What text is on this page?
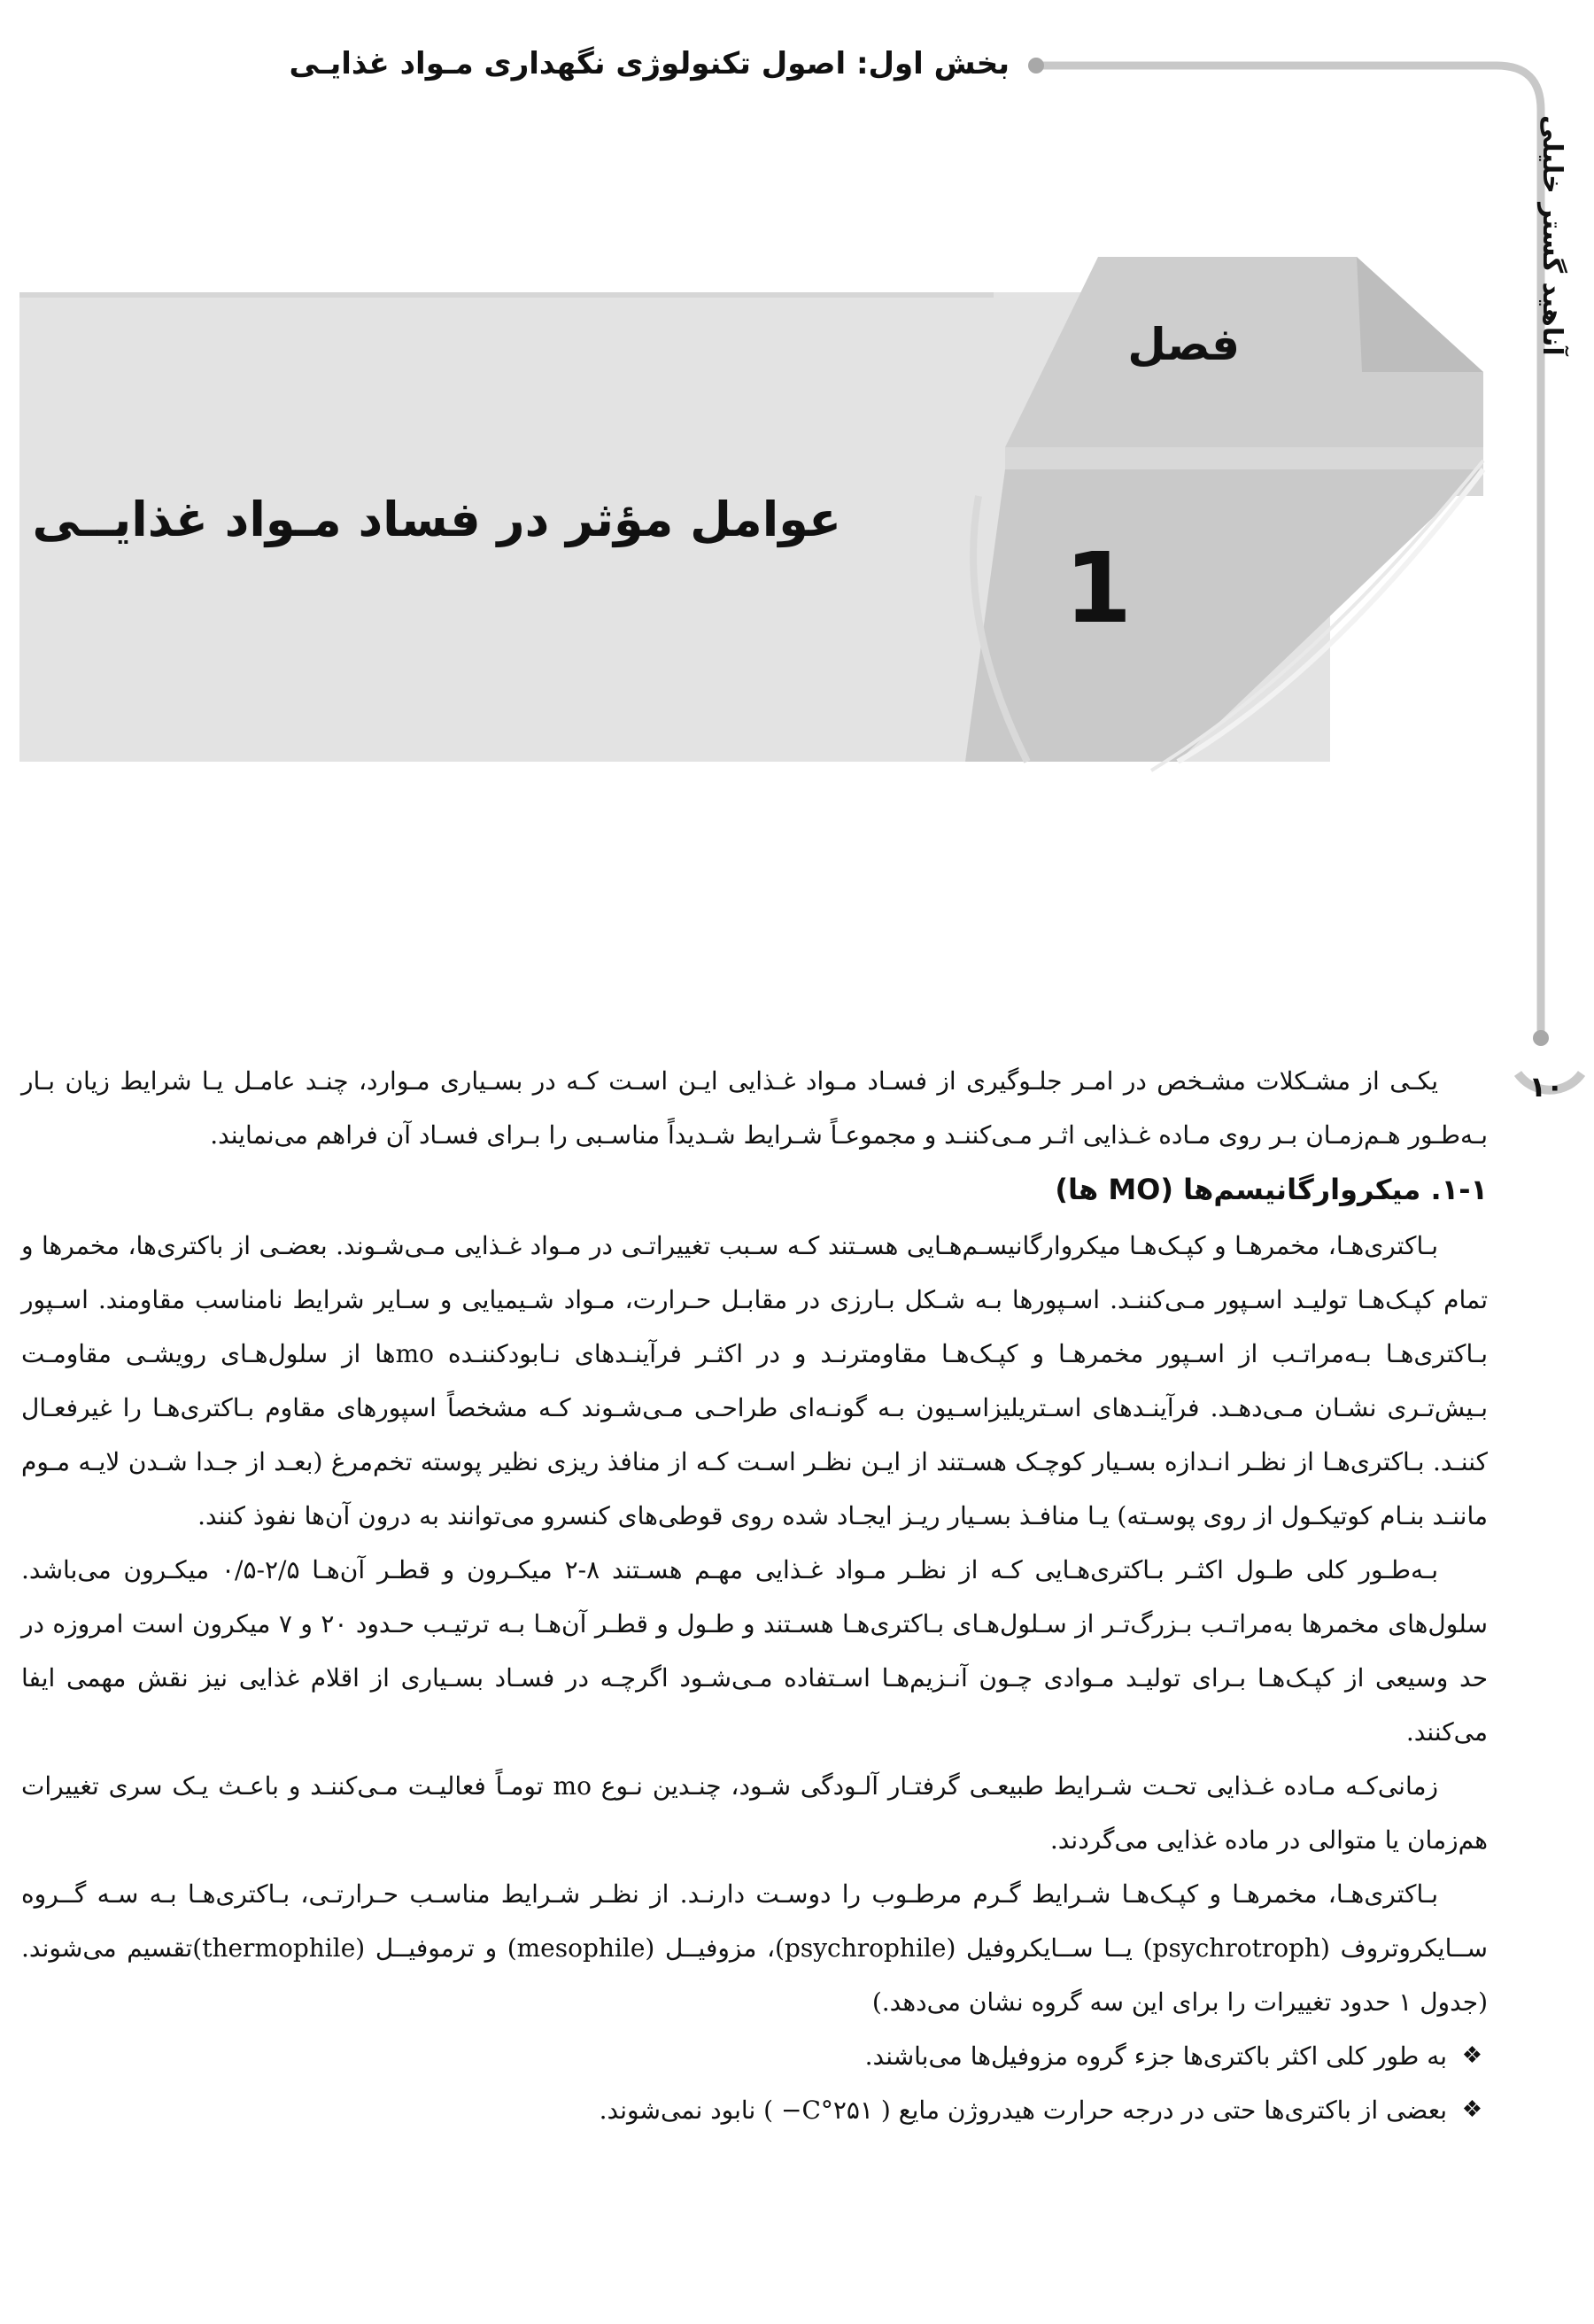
بخش اول: اصول تکنولوژی نگهداری مـواد غذایـی
آناهید گستر خلیلی
۱۰
فصل
1
عوامل مؤثر در فساد مـواد غذایــی

یکـی از مشـکلات مشـخص در امـر جلـوگیری از فسـاد مـواد غـذایی ایـن اسـت کـه در بسـیاری مـوارد، چنـد عامـل یـا شرایط زیان بـار بـه‌طـور هـم‌زمـان بـر روی مـاده غـذایی اثـر مـی‌کننـد و مجموعـاً شـرایط شـدیداً مناسـبی را بـرای فسـاد آن فراهم می‌نمایند.

۱-۱. میکروارگانیسم‌ها (MO ها)

بـاکتری‌هـا، مخمرهـا و کپـک‌هـا میکروارگانیسـم‌هـایی هسـتند کـه سـبب تغییراتـی در مـواد غـذایی مـی‌شـوند. بعضـی از باکتری‌ها، مخمرها و تمام کپـک‌هـا تولیـد اسـپور مـی‌کننـد. اسـپورها بـه شـکل بـارزی در مقابـل حـرارت، مـواد شـیمیایی و سـایر شرایط نامناسب مقاومند. اسـپور بـاکتری‌هـا بـه‌مراتـب از اسـپور مخمرهـا و کپـک‌هـا مقاومترنـد و در اکثـر فرآینـدهای نـابودکننـده moها از سلول‌هـای رویشـی مقاومـت بـیش‌تـری نشـان مـی‌دهـد. فرآینـدهای اسـتریلیزاسـیون بـه گونـه‌ای طراحـی مـی‌شـوند کـه مشخصاً اسپورهای مقاوم بـاکتری‌هـا را غیرفعـال کننـد. بـاکتری‌هـا از نظـر انـدازه بسـیار کوچـک هسـتند از ایـن نظـر اسـت کـه از منافذ ریزی نظیر پوسته تخم‌مرغ (بعـد از جـدا شـدن لایـه مـوم ماننـد بنـام کوتیکـول از روی پوسـته) یـا منافـذ بسـیار ریـز ایجـاد شده روی قوطی‌های کنسرو می‌توانند به درون آن‌ها نفوذ کنند.

بـه‌طـور کلی طـول اکثـر بـاکتری‌هـایی کـه از نظـر مـواد غـذایی مهـم هسـتند ۸-۲ میکـرون و قطـر آن‌هـا ۲/۵-۰/۵ میکـرون می‌باشد. سلول‌های مخمرها به‌مراتـب بـزرگ‌تـر از سـلول‌هـای بـاکتری‌هـا هسـتند و طـول و قطـر آن‌هـا بـه ترتیـب حـدود ۲۰ و ۷ میکرون است امروزه در حد وسیعی از کپـک‌هـا بـرای تولیـد مـوادی چـون آنـزیم‌هـا اسـتفاده مـی‌شـود اگرچـه در فسـاد بسـیاری از اقلام غذایی نیز نقش مهمی ایفا می‌کنند.

زمانی‌کـه مـاده غـذایی تحـت شـرایط طبیعـی گرفتـار آلـودگی شـود، چنـدین نـوع mo تومـاً فعالیـت مـی‌کننـد و باعـث یـک سری تغییرات هم‌زمان یا متوالی در ماده غذایی می‌گردند.

بـاکتری‌هـا، مخمرهـا و کپـک‌هـا شـرایط گـرم مرطـوب را دوسـت دارنـد. از نظـر شـرایط مناسـب حـرارتـی، بـاکتری‌هـا بـه سـه گــروه ســایکروتروف (psychrotroph) یــا ســایکروفیل (psychrophile)، مزوفیــل (mesophile) و ترموفیــل (thermophile)تقسیم می‌شوند. (جدول ۱ حدود تغییرات را برای این سه گروه نشان می‌دهد.)

❖
به طور کلی اکثر باکتری‌ها جزء گروه مزوفیل‌ها می‌باشند.
❖
بعضی از باکتری‌ها حتی در درجه حرارت هیدروژن مایع ( ۲۵۱°C− ) نابود نمی‌شوند.
